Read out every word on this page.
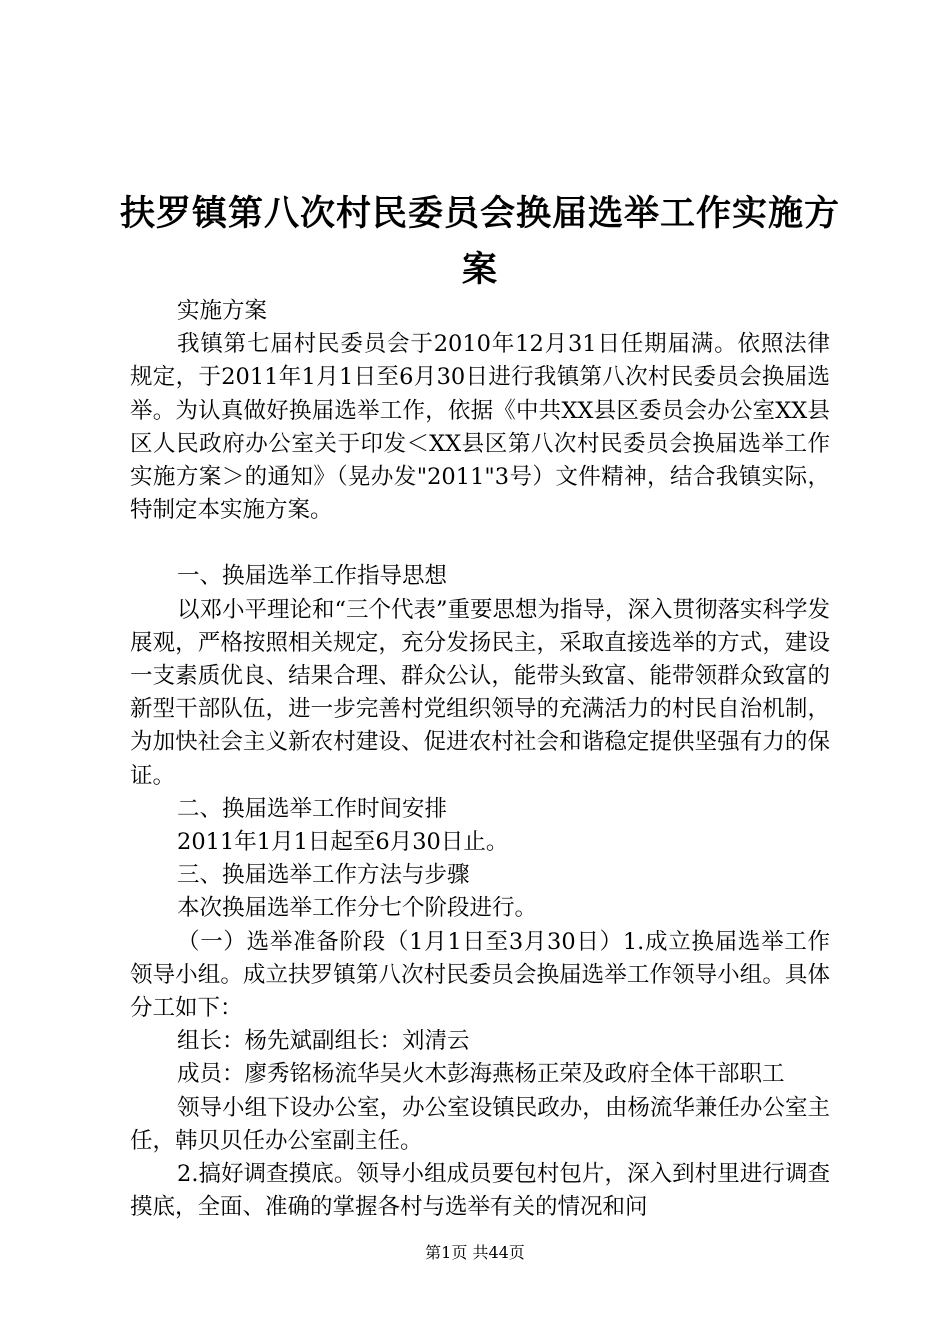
扶罗镇第八次村民委员会换届选举工作实施方案

实施方案

我镇第七届村民委员会于2010年12月31日任期届满。依照法律规定，于2011年1月1日至6月30日进行我镇第八次村民委员会换届选举。为认真做好换届选举工作，依据《中共XX县区委员会办公室XX县区人民政府办公室关于印发＜XX县区第八次村民委员会换届选举工作实施方案＞的通知》（晃办发"2011"3号）文件精神，结合我镇实际，特制定本实施方案。

一、换届选举工作指导思想

以邓小平理论和“三个代表”重要思想为指导，深入贯彻落实科学发展观，严格按照相关规定，充分发扬民主，采取直接选举的方式，建设一支素质优良、结果合理、群众公认，能带头致富、能带领群众致富的新型干部队伍，进一步完善村党组织领导的充满活力的村民自治机制，为加快社会主义新农村建设、促进农村社会和谐稳定提供坚强有力的保证。

二、换届选举工作时间安排

2011年1月1日起至6月30日止。

三、换届选举工作方法与步骤

本次换届选举工作分七个阶段进行。

（一）选举准备阶段（1月1日至3月30日）1.成立换届选举工作领导小组。成立扶罗镇第八次村民委员会换届选举工作领导小组。具体分工如下：

组长：杨先斌副组长：刘清云

成员：廖秀铭杨流华吴火木彭海燕杨正荣及政府全体干部职工

领导小组下设办公室，办公室设镇民政办，由杨流华兼任办公室主任，韩贝贝任办公室副主任。

2.搞好调查摸底。领导小组成员要包村包片，深入到村里进行调查摸底，全面、准确的掌握各村与选举有关的情况和问

第1页 共44页
